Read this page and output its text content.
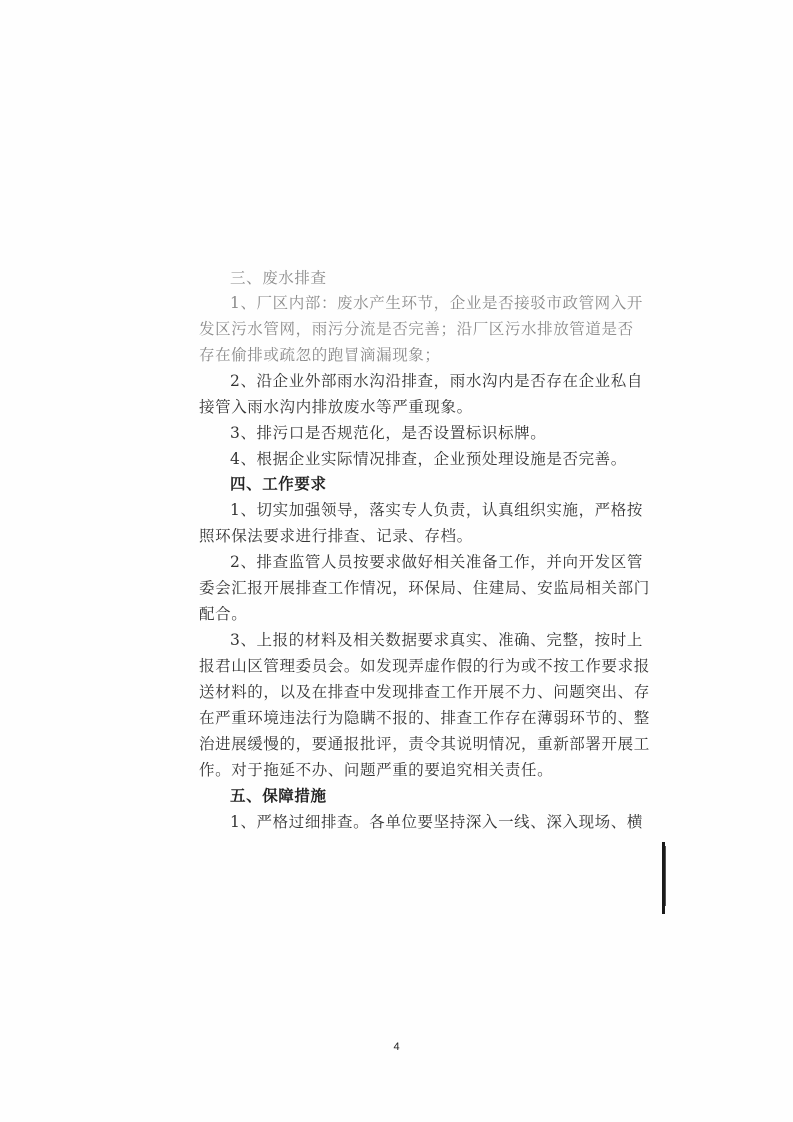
三、废水排查
1、厂区内部：废水产生环节，企业是否接驳市政管网入开
发区污水管网，雨污分流是否完善；沿厂区污水排放管道是否
存在偷排或疏忽的跑冒滴漏现象；
2、沿企业外部雨水沟沿排查，雨水沟内是否存在企业私自
接管入雨水沟内排放废水等严重现象。
3、排污口是否规范化，是否设置标识标牌。
4、根据企业实际情况排查，企业预处理设施是否完善。
四、工作要求
1、切实加强领导，落实专人负责，认真组织实施，严格按
照环保法要求进行排查、记录、存档。
2、排查监管人员按要求做好相关准备工作，并向开发区管
委会汇报开展排查工作情况，环保局、住建局、安监局相关部门
配合。
3、上报的材料及相关数据要求真实、准确、完整，按时上
报君山区管理委员会。如发现弄虚作假的行为或不按工作要求报
送材料的，以及在排查中发现排查工作开展不力、问题突出、存
在严重环境违法行为隐瞒不报的、排查工作存在薄弱环节的、整
治进展缓慢的，要通报批评，责令其说明情况，重新部署开展工
作。对于拖延不办、问题严重的要追究相关责任。
五、保障措施
1、严格过细排查。各单位要坚持深入一线、深入现场、横
4
